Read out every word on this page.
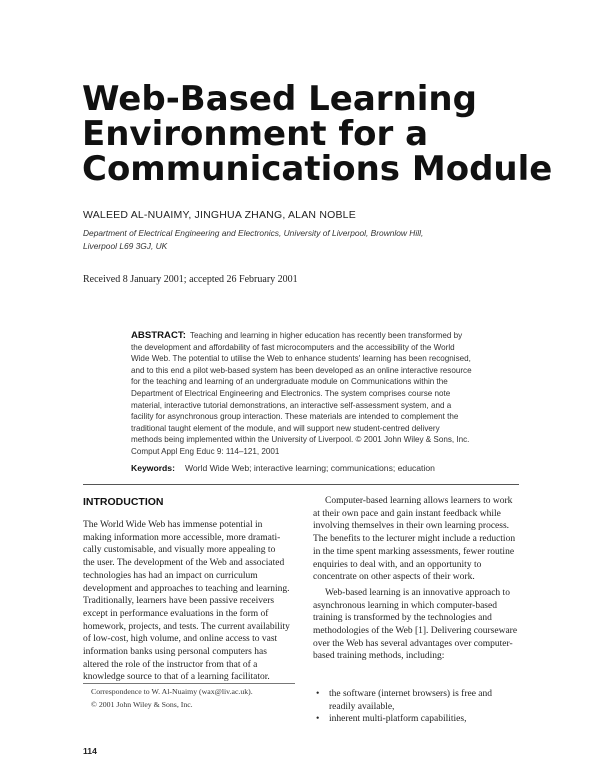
Web-Based Learning
Environment for a
Communications Module
WALEED AL-NUAIMY, JINGHUA ZHANG, ALAN NOBLE
Department of Electrical Engineering and Electronics, University of Liverpool, Brownlow Hill,
Liverpool L69 3GJ, UK
Received 8 January 2001; accepted 26 February 2001
ABSTRACT: Teaching and learning in higher education has recently been transformed by
the development and affordability of fast microcomputers and the accessibility of the World
Wide Web. The potential to utilise the Web to enhance students' learning has been recognised,
and to this end a pilot web-based system has been developed as an online interactive resource
for the teaching and learning of an undergraduate module on Communications within the
Department of Electrical Engineering and Electronics. The system comprises course note
material, interactive tutorial demonstrations, an interactive self-assessment system, and a
facility for asynchronous group interaction. These materials are intended to complement the
traditional taught element of the module, and will support new student-centred delivery
methods being implemented within the University of Liverpool. © 2001 John Wiley & Sons, Inc.
Comput Appl Eng Educ 9: 114–121, 2001
Keywords: World Wide Web; interactive learning; communications; education
INTRODUCTION
The World Wide Web has immense potential in
making information more accessible, more dramati-
cally customisable, and visually more appealing to
the user. The development of the Web and associated
technologies has had an impact on curriculum
development and approaches to teaching and learning.
Traditionally, learners have been passive receivers
except in performance evaluations in the form of
homework, projects, and tests. The current availability
of low-cost, high volume, and online access to vast
information banks using personal computers has
altered the role of the instructor from that of a
knowledge source to that of a learning facilitator.
Computer-based learning allows learners to work
at their own pace and gain instant feedback while
involving themselves in their own learning process.
The benefits to the lecturer might include a reduction
in the time spent marking assessments, fewer routine
enquiries to deal with, and an opportunity to
concentrate on other aspects of their work.
Web-based learning is an innovative approach to
asynchronous learning in which computer-based
training is transformed by the technologies and
methodologies of the Web [1]. Delivering courseware
over the Web has several advantages over computer-
based training methods, including:
• the software (internet browsers) is free and
readily available,
• inherent multi-platform capabilities,
Correspondence to W. Al-Nuaimy (wax@liv.ac.uk).
© 2001 John Wiley & Sons, Inc.
114
